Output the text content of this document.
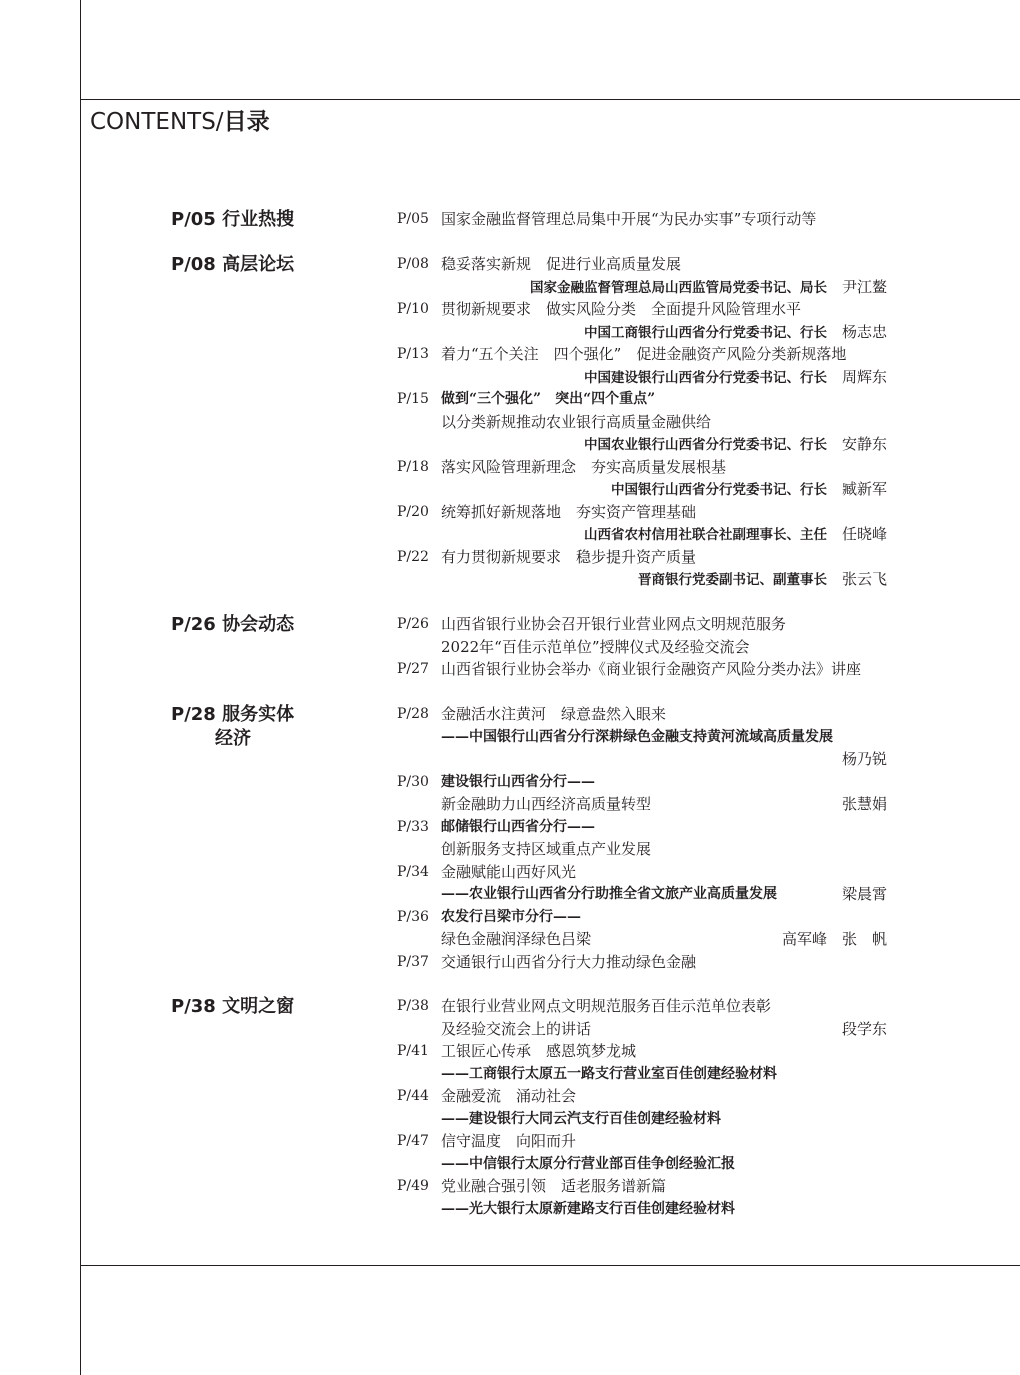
CONTENTS/目录
P/05 行业热搜	P/05 国家金融监督管理总局集中开展“为民办实事”专项行动等
P/08 高层论坛	P/08 稳妥落实新规　促进行业高质量发展
国家金融监督管理总局山西监管局党委书记、局长　 尹江鳌
P/10 贯彻新规要求　做实风险分类　全面提升风险管理水平
中国工商银行山西省分行党委书记、行长　 杨志忠
P/13 着力“五个关注　四个强化”　促进金融资产风险分类新规落地
中国建设银行山西省分行党委书记、行长　 周辉东
P/15 做到“三个强化”　突出“四个重点”
以分类新规推动农业银行高质量金融供给
中国农业银行山西省分行党委书记、行长　 安静东
P/18 落实风险管理新理念　夯实高质量发展根基
中国银行山西省分行党委书记、行长　 臧新军
P/20 统筹抓好新规落地　夯实资产管理基础
山西省农村信用社联合社副理事长、主任　 任晓峰
P/22 有力贯彻新规要求　稳步提升资产质量
晋商银行党委副书记、副董事长　 张云飞
P/26 协会动态	P/26 山西省银行业协会召开银行业营业网点文明规范服务
2022年“百佳示范单位”授牌仪式及经验交流会
P/27 山西省银行业协会举办《商业银行金融资产风险分类办法》讲座
P/28 服务实体
经济
P/28 金融活水注黄河　绿意盎然入眼来
——中国银行山西省分行深耕绿色金融支持黄河流域高质量发展
杨乃锐
P/30 建设银行山西省分行——
新金融助力山西经济高质量转型	张慧娟
P/33 邮储银行山西省分行——
创新服务支持区域重点产业发展
P/34 金融赋能山西好风光
——农业银行山西省分行助推全省文旅产业高质量发展	梁晨霄
P/36 农发行吕梁市分行——
绿色金融润泽绿色吕梁	高军峰　张　帆
P/37 交通银行山西省分行大力推动绿色金融
P/38 文明之窗	P/38 在银行业营业网点文明规范服务百佳示范单位表彰
及经验交流会上的讲话	段学东
P/41 工银匠心传承　感恩筑梦龙城
——工商银行太原五一路支行营业室百佳创建经验材料
P/44 金融爱流　涌动社会
——建设银行大同云汽支行百佳创建经验材料
P/47 信守温度　向阳而升
——中信银行太原分行营业部百佳争创经验汇报
P/49 党业融合强引领　适老服务谱新篇
——光大银行太原新建路支行百佳创建经验材料
